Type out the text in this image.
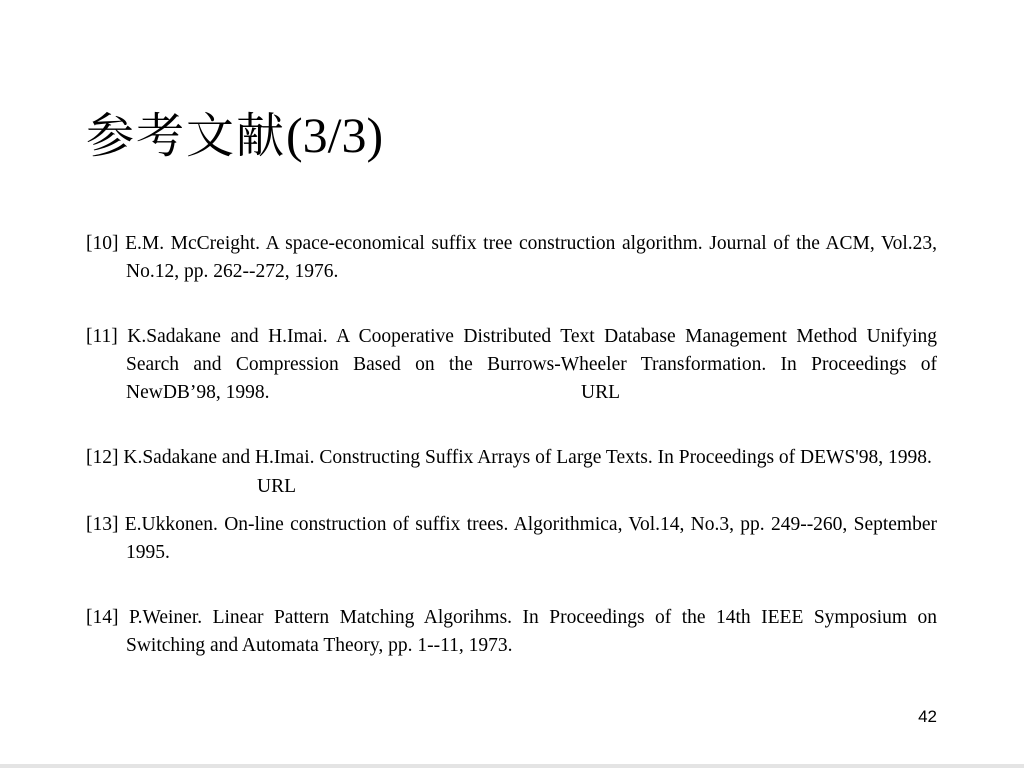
参考文献(3/3)

[10] E.M. McCreight. A space-economical suffix tree construction algorithm. Journal of the ACM, Vol.23, No.12, pp. 262--272, 1976.

[11] K.Sadakane and H.Imai. A Cooperative Distributed Text Database Management Method Unifying Search and Compression Based on the Burrows-Wheeler Transformation. In Proceedings of NewDB’98, 1998.	URL

[12] K.Sadakane and H.Imai. Constructing Suffix Arrays of Large Texts. In Proceedings of DEWS'98, 1998.
URL

[13] E.Ukkonen. On-line construction of suffix trees. Algorithmica, Vol.14, No.3, pp. 249--260, September 1995.

[14] P.Weiner. Linear Pattern Matching Algorihms. In Proceedings of the 14th IEEE Symposium on Switching and Automata Theory, pp. 1--11, 1973.

42
